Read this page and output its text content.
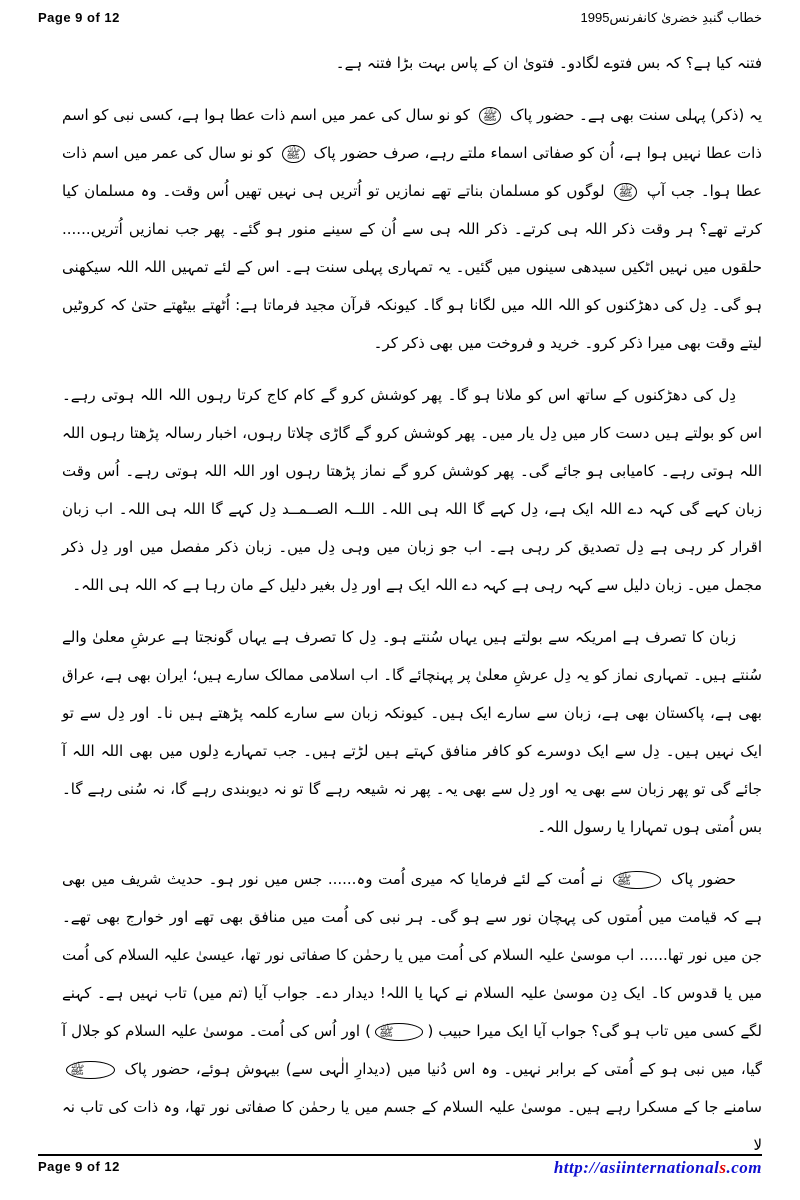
Page 9 of 12	خطاب گنبدِ خضریٰ کانفرنس1995

فتنہ کیا ہے؟ کہ بس فتوے لگادو۔ فتویٰ ان کے پاس بہت بڑا فتنہ ہے۔

یہ (ذکر) پہلی سنت بھی ہے۔ حضور پاک ﷺ کو نو سال کی عمر میں اسم ذات عطا ہوا ہے، کسی نبی کو اسم ذات عطا نہیں ہوا ہے، اُن کو صفاتی اسماء ملتے رہے، صرف حضور پاک ﷺ کو نو سال کی عمر میں اسم ذات عطا ہوا۔ جب آپ ﷺ لوگوں کو مسلمان بناتے تھے نمازیں تو اُتریں ہی نہیں تھیں اُس وقت۔ وہ مسلمان کیا کرتے تھے؟ ہر وقت ذکر اللہ ہی کرتے۔ ذکر اللہ ہی سے اُن کے سینے منور ہو گئے۔ پھر جب نمازیں اُتریں...... حلقوں میں نہیں اٹکیں سیدھی سینوں میں گئیں۔ یہ تمہاری پہلی سنت ہے۔ اس کے لئے تمہیں اللہ اللہ سیکھنی ہو گی۔ دِل کی دھڑکنوں کو اللہ اللہ میں لگانا ہو گا۔ کیونکہ قرآن مجید فرماتا ہے: اُٹھتے بیٹھتے حتیٰ کہ کروٹیں لیتے وقت بھی میرا ذکر کرو۔ خرید و فروخت میں بھی ذکر کر۔

دِل کی دھڑکنوں کے ساتھ اس کو ملانا ہو گا۔ پھر کوشش کرو گے کام کاج کرتا رہوں اللہ اللہ ہوتی رہے۔ اس کو بولتے ہیں دست کار میں دِل یار میں۔ پھر کوشش کرو گے گاڑی چلاتا رہوں، اخبار رسالہ پڑھتا رہوں اللہ اللہ ہوتی رہے۔ کامیابی ہو جائے گی۔ پھر کوشش کرو گے نماز پڑھتا رہوں اور اللہ اللہ ہوتی رہے۔ اُس وقت زبان کہے گی کہہ دے اللہ ایک ہے، دِل کہے گا اللہ ہی اللہ۔ اللــہ الصــمــد دِل کہے گا اللہ ہی اللہ۔ اب زبان اقرار کر رہی ہے دِل تصدیق کر رہی ہے۔ اب جو زبان میں وہی دِل میں۔ زبان ذکر مفصل میں اور دِل ذکر مجمل میں۔ زبان دلیل سے کہہ رہی ہے کہہ دے اللہ ایک ہے اور دِل بغیر دلیل کے مان رہا ہے کہ اللہ ہی اللہ۔

زبان کا تصرف ہے امریکہ سے بولتے ہیں یہاں سُنتے ہو۔ دِل کا تصرف ہے یہاں گونجتا ہے عرشِ معلیٰ والے سُنتے ہیں۔ تمہاری نماز کو یہ دِل عرشِ معلیٰ پر پہنچائے گا۔ اب اسلامی ممالک سارے ہیں؛ ایران بھی ہے، عراق بھی ہے، پاکستان بھی ہے، زبان سے سارے ایک ہیں۔ کیونکہ زبان سے سارے کلمہ پڑھتے ہیں نا۔ اور دِل سے تو ایک نہیں ہیں۔ دِل سے ایک دوسرے کو کافر منافق کہتے ہیں لڑتے ہیں۔ جب تمہارے دِلوں میں بھی اللہ اللہ آ جائے گی تو پھر زبان سے بھی یہ اور دِل سے بھی یہ۔ پھر نہ شیعہ رہے گا تو نہ دیوبندی رہے گا، نہ سُنی رہے گا۔ بس اُمتی ہوں تمہارا یا رسول اللہ۔

حضور پاک ﷺ نے اُمت کے لئے فرمایا کہ میری اُمت وہ...... جس میں نور ہو۔ حدیث شریف میں بھی ہے کہ قیامت میں اُمتوں کی پہچان نور سے ہو گی۔ ہر نبی کی اُمت میں منافق بھی تھے اور خوارج بھی تھے۔ جن میں نور تھا...... اب موسیٰ علیہ السلام کی اُمت میں یا رحمٰن کا صفاتی نور تھا، عیسیٰ علیہ السلام کی اُمت میں یا قدوس کا۔ ایک دِن موسیٰ علیہ السلام نے کہا یا اللہ! دیدار دے۔ جواب آیا (تم میں) تاب نہیں ہے۔ کہنے لگے کسی میں تاب ہو گی؟ جواب آیا ایک میرا حبیب (ﷺ) اور اُس کی اُمت۔ موسیٰ علیہ السلام کو جلال آ گیا، میں نبی ہو کے اُمتی کے برابر نہیں۔ وہ اس دُنیا میں (دیدارِ الٰہی سے) بیہوش ہوئے، حضور پاک ﷺ سامنے جا کے مسکرا رہے ہیں۔ موسیٰ علیہ السلام کے جسم میں یا رحمٰن کا صفاتی نور تھا، وہ ذات کی تاب نہ لا

Page 9 of 12	http://asiinternationals.com
